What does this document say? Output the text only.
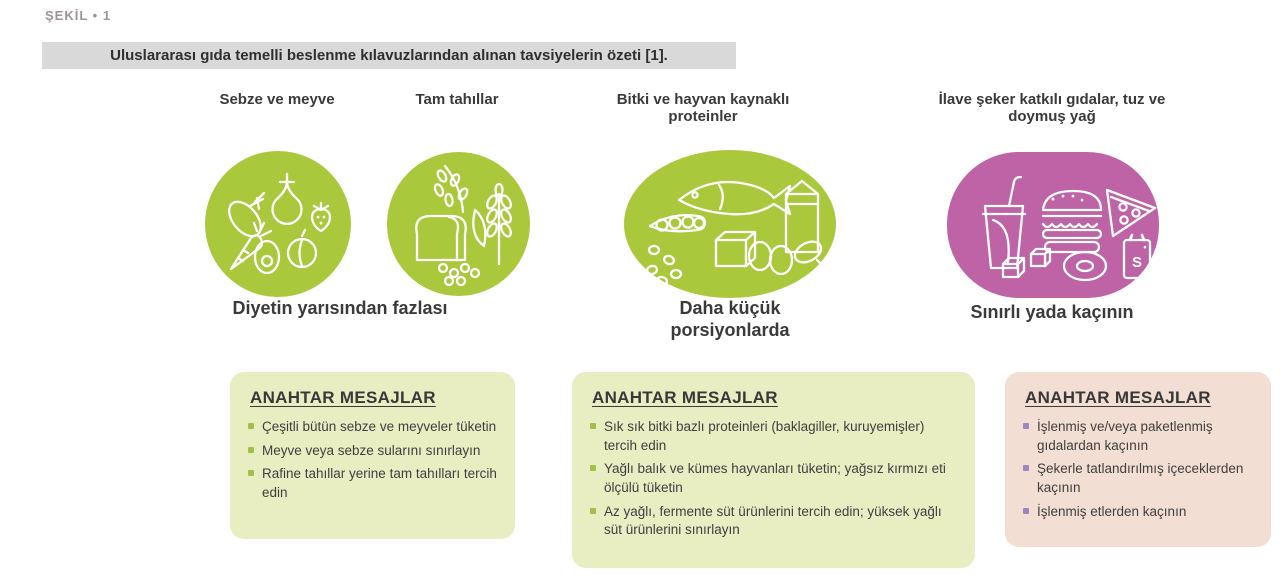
ŞEKİL • 1
Uluslararası gıda temelli beslenme kılavuzlarından alınan tavsiyelerin özeti [1].
Sebze ve meyve	Tam tahıllar	Bitki ve hayvan kaynaklı proteinler
İlave şeker katkılı gıdalar, tuz ve doymuş yağ
S
Diyetin yarısından fazlası	Daha küçük porsiyonlarda
Sınırlı yada kaçının
ANAHTAR MESAJLAR
Çeşitli bütün sebze ve meyveler tüketin
Meyve veya sebze sularını sınırlayın
Rafine tahıllar yerine tam tahılları tercih edin
ANAHTAR MESAJLAR
Sık sık bitki bazlı proteinleri (baklagiller, kuruyemişler) tercih edin
Yağlı balık ve kümes hayvanları tüketin; yağsız kırmızı eti ölçülü tüketin
Az yağlı, fermente süt ürünlerini tercih edin; yüksek yağlı süt ürünlerini sınırlayın
ANAHTAR MESAJLAR
İşlenmiş ve/veya paketlenmiş gıdalardan kaçının
Şekerle tatlandırılmış içeceklerden kaçının
İşlenmiş etlerden kaçının
